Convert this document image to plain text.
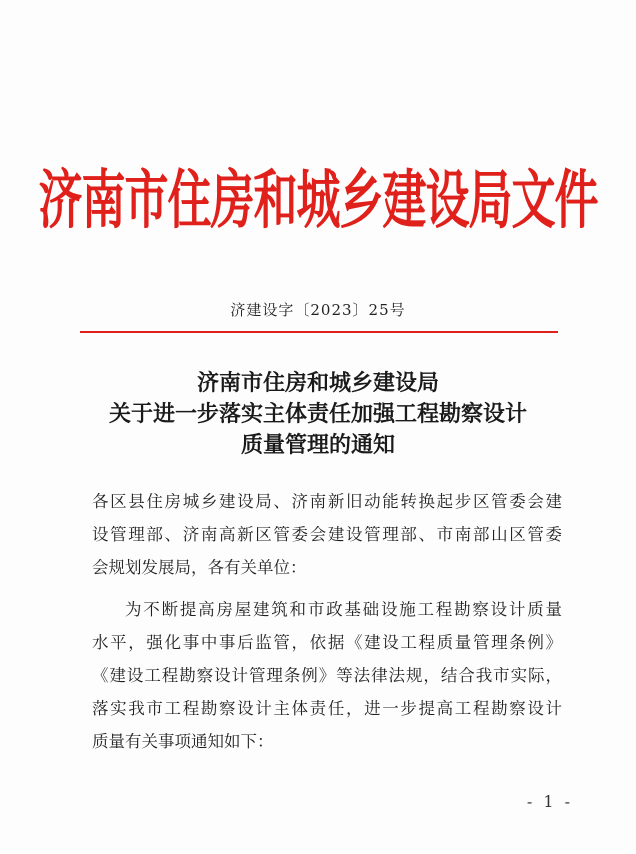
济南市住房和城乡建设局文件
济建设字〔2023〕25号
济南市住房和城乡建设局
关于进一步落实主体责任加强工程勘察设计
质量管理的通知
各区县住房城乡建设局、济南新旧动能转换起步区管委会建
设管理部、济南高新区管委会建设管理部、市南部山区管委
会规划发展局，各有关单位：
为不断提高房屋建筑和市政基础设施工程勘察设计质量
水平，强化事中事后监管，依据《建设工程质量管理条例》
《建设工程勘察设计管理条例》等法律法规，结合我市实际，
落实我市工程勘察设计主体责任，进一步提高工程勘察设计
质量有关事项通知如下：
- 1 -
